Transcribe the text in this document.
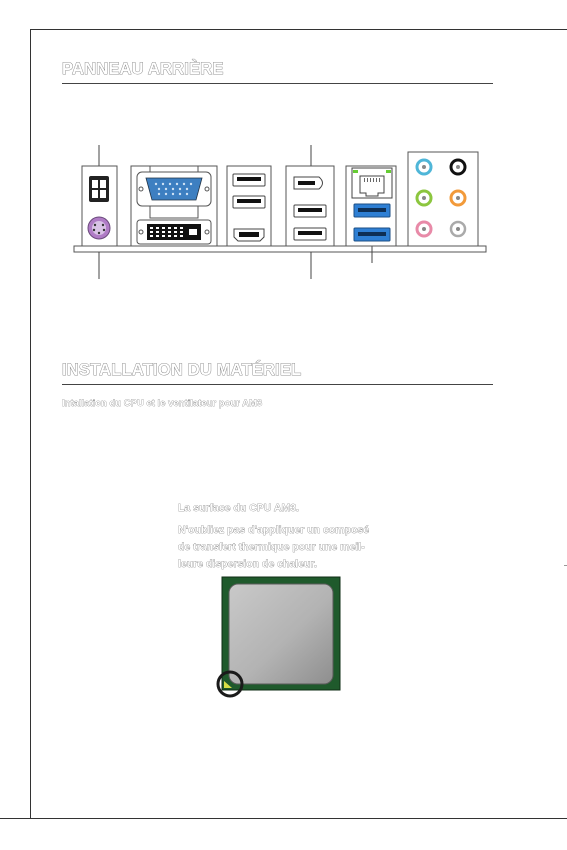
PANNEAU ARRIÈRE
INSTALLATION DU MATÉRIEL

Intallation du CPU et le ventilateur pour AM3

La surface du CPU AM3.

N'oubliez pas d'appliquer un composé

de transfert thermique pour une meil-

leure dispersion de chaleur.
